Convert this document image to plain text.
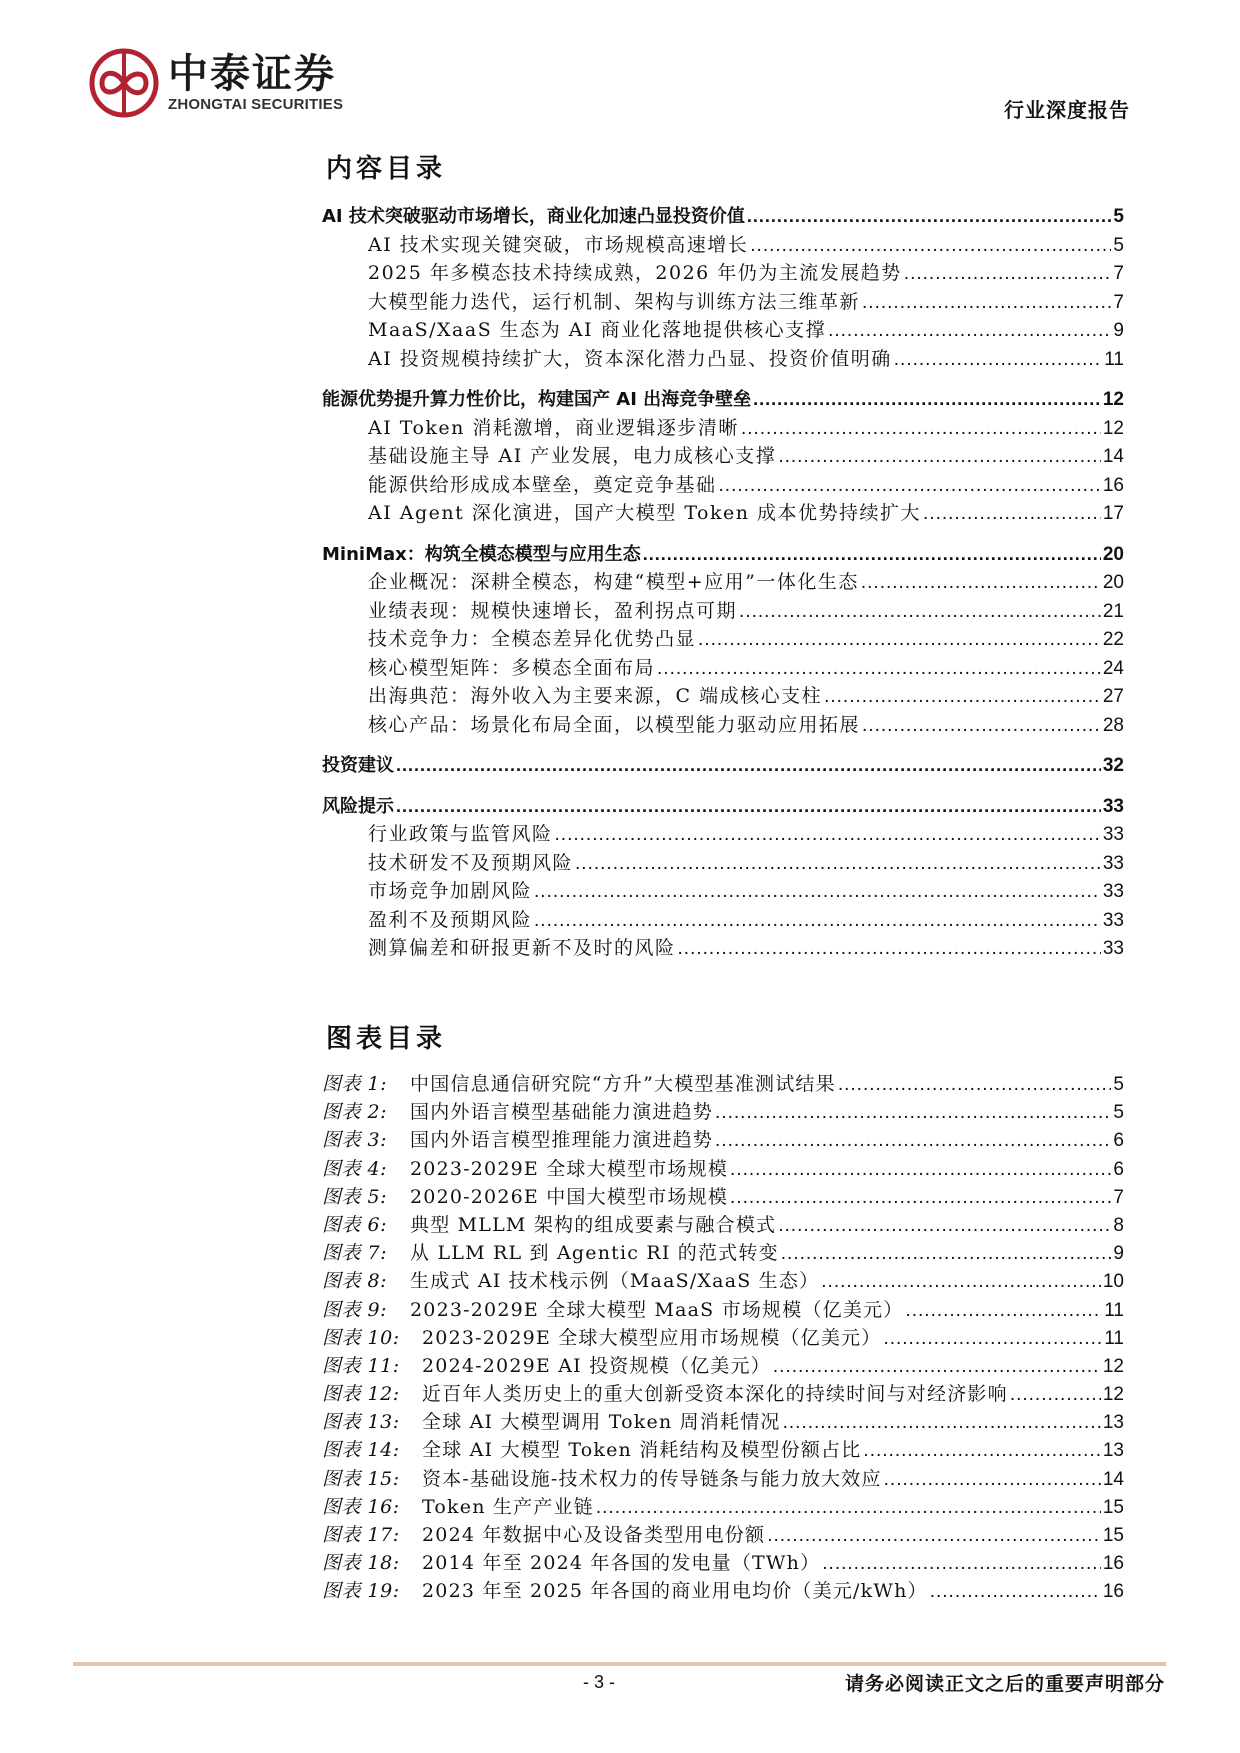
中泰证券
ZHONGTAI SECURITIES	行业深度报告
内容目录
AI 技术突破驱动市场增长，商业化加速凸显投资价值 .....	5
AI 技术实现关键突破，市场规模高速增长 .....	5
2025 年多模态技术持续成熟，2026 年仍为主流发展趋势 .....	7
大模型能力迭代，运行机制、架构与训练方法三维革新 .....	7
MaaS/XaaS 生态为 AI 商业化落地提供核心支撑 .....	9
AI 投资规模持续扩大，资本深化潜力凸显、投资价值明确 .....	11
能源优势提升算力性价比，构建国产 AI 出海竞争壁垒 .....	12
AI Token 消耗激增，商业逻辑逐步清晰 .....	12
基础设施主导 AI 产业发展，电力成核心支撑 .....	14
能源供给形成成本壁垒，奠定竞争基础 .....	16
AI Agent 深化演进，国产大模型 Token 成本优势持续扩大 .....	17
MiniMax：构筑全模态模型与应用生态 .....	20
企业概况：深耕全模态，构建“模型+应用”一体化生态 .....	20
业绩表现：规模快速增长，盈利拐点可期 .....	21
技术竞争力：全模态差异化优势凸显 .....	22
核心模型矩阵：多模态全面布局 .....	24
出海典范：海外收入为主要来源，C 端成核心支柱 .....	27
核心产品：场景化布局全面，以模型能力驱动应用拓展 .....	28
投资建议 .....	32
风险提示 .....	33
行业政策与监管风险 .....	33
技术研发不及预期风险 .....	33
市场竞争加剧风险 .....	33
盈利不及预期风险 .....	33
测算偏差和研报更新不及时的风险 .....	33
图表目录
图表 1:	中国信息通信研究院“方升”大模型基准测试结果 .....	5
图表 2:	国内外语言模型基础能力演进趋势 .....	5
图表 3:	国内外语言模型推理能力演进趋势 .....	6
图表 4:	2023-2029E 全球大模型市场规模 .....	6
图表 5:	2020-2026E 中国大模型市场规模 .....	7
图表 6:	典型 MLLM 架构的组成要素与融合模式 .....	8
图表 7:	从 LLM RL 到 Agentic RI 的范式转变 .....	9
图表 8:	生成式 AI 技术栈示例（MaaS/XaaS 生态） .....	10
图表 9:	2023-2029E 全球大模型 MaaS 市场规模（亿美元） .....	11
图表 10:	2023-2029E 全球大模型应用市场规模（亿美元） .....	11
图表 11:	2024-2029E AI 投资规模（亿美元） .....	12
图表 12:	近百年人类历史上的重大创新受资本深化的持续时间与对经济影响 .....	12
图表 13:	全球 AI 大模型调用 Token 周消耗情况 .....	13
图表 14:	全球 AI 大模型 Token 消耗结构及模型份额占比 .....	13
图表 15:	资本-基础设施-技术权力的传导链条与能力放大效应 .....	14
图表 16:	Token 生产产业链 .....	15
图表 17:	2024 年数据中心及设备类型用电份额 .....	15
图表 18:	2014 年至 2024 年各国的发电量（TWh） .....	16
图表 19:	2023 年至 2025 年各国的商业用电均价（美元/kWh） .....	16
- 3 -	请务必阅读正文之后的重要声明部分
